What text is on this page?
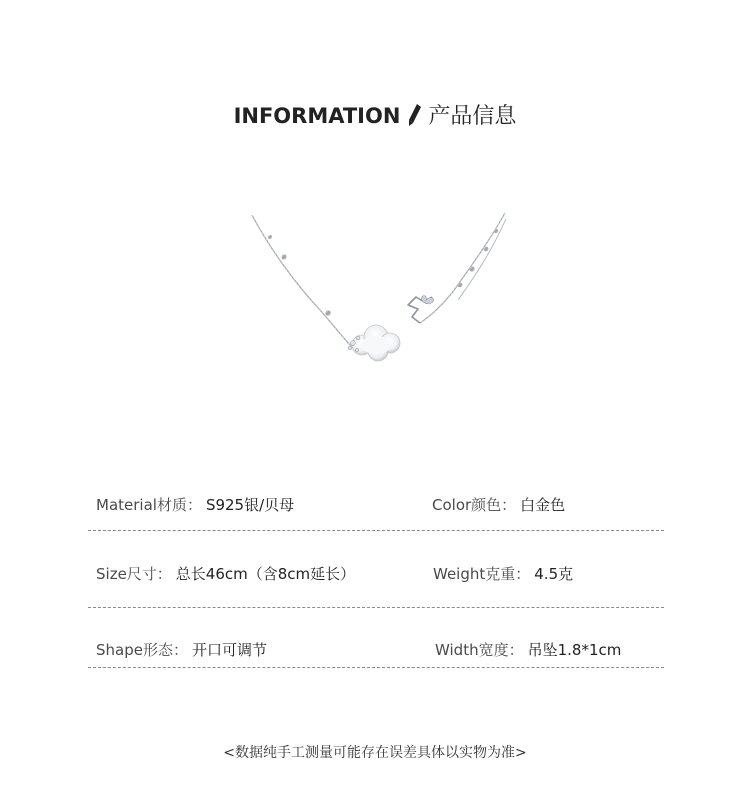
INFORMATION 产品信息
Material材质： S925银/贝母	Color颜色： 白金色
Size尺寸： 总长46cm（含8cm延长）	Weight克重： 4.5克
Shape形态： 开口可调节	Width宽度： 吊坠1.8*1cm
<数据纯手工测量可能存在误差具体以实物为准>
